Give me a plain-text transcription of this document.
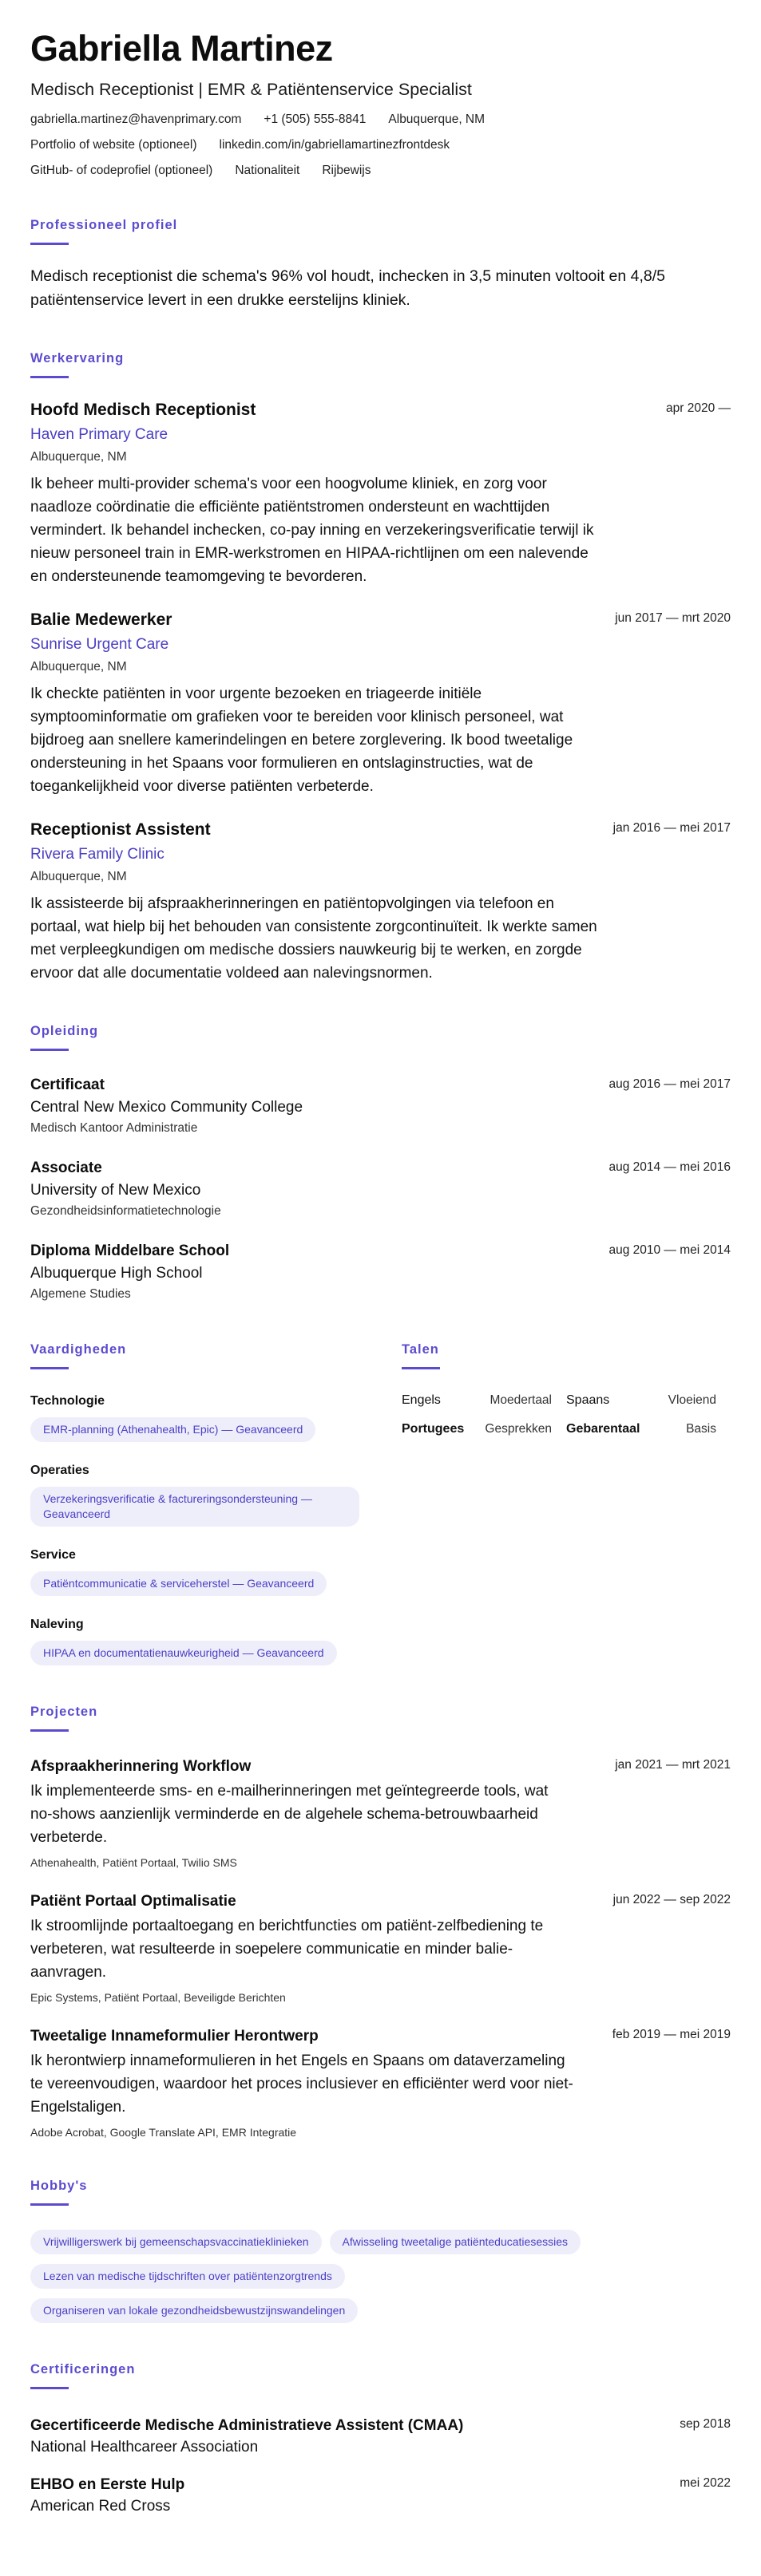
Gabriella Martinez
Medisch Receptionist | EMR & Patiëntenservice Specialist
gabriella.martinez@havenprimary.com +1 (505) 555-8841 Albuquerque, NM
Portfolio of website (optioneel) linkedin.com/in/gabriellamartinezfrontdesk
GitHub- of codeprofiel (optioneel) Nationaliteit Rijbewijs
Professioneel profiel

Medisch receptionist die schema's 96% vol houdt, inchecken in 3,5 minuten voltooit en 4,8/5 patiëntenservice levert in een drukke eerstelijns kliniek.

Werkervaring
Hoofd Medisch Receptionist	apr 2020 —
Haven Primary Care
Albuquerque, NM

Ik beheer multi-provider schema's voor een hoogvolume kliniek, en zorg voor naadloze coördinatie die efficiënte patiëntstromen ondersteunt en wachttijden vermindert. Ik behandel inchecken, co-pay inning en verzekeringsverificatie terwijl ik nieuw personeel train in EMR-werkstromen en HIPAA-richtlijnen om een nalevende en ondersteunende teamomgeving te bevorderen.

Balie Medewerker	jun 2017 — mrt 2020
Sunrise Urgent Care
Albuquerque, NM

Ik checkte patiënten in voor urgente bezoeken en triageerde initiële symptoominformatie om grafieken voor te bereiden voor klinisch personeel, wat bijdroeg aan snellere kamerindelingen en betere zorglevering. Ik bood tweetalige ondersteuning in het Spaans voor formulieren en ontslaginstructies, wat de toegankelijkheid voor diverse patiënten verbeterde.

Receptionist Assistent	jan 2016 — mei 2017
Rivera Family Clinic
Albuquerque, NM

Ik assisteerde bij afspraakherinneringen en patiëntopvolgingen via telefoon en portaal, wat hielp bij het behouden van consistente zorgcontinuïteit. Ik werkte samen met verpleegkundigen om medische dossiers nauwkeurig bij te werken, en zorgde ervoor dat alle documentatie voldeed aan nalevingsnormen.

Opleiding
Certificaat	aug 2016 — mei 2017
Central New Mexico Community College
Medisch Kantoor Administratie
Associate	aug 2014 — mei 2016
University of New Mexico
Gezondheidsinformatietechnologie
Diploma Middelbare School	aug 2010 — mei 2014
Albuquerque High School
Algemene Studies
Vaardigheden
Technologie
EMR-planning (Athenahealth, Epic) — Geavanceerd
Operaties
Verzekeringsverificatie & factureringsondersteuning — Geavanceerd
Service
Patiëntcommunicatie & serviceherstel — Geavanceerd
Naleving
HIPAA en documentatienauwkeurigheid — Geavanceerd
Talen
Engels	Moedertaal	Spaans	Vloeiend
Portugees	Gesprekken	Gebarentaal	Basis
Projecten
Afspraakherinnering Workflow	jan 2021 — mrt 2021

Ik implementeerde sms- en e-mailherinneringen met geïntegreerde tools, wat no-shows aanzienlijk verminderde en de algehele schema-betrouwbaarheid verbeterde.

Athenahealth, Patiënt Portaal, Twilio SMS
Patiënt Portaal Optimalisatie	jun 2022 — sep 2022

Ik stroomlijnde portaaltoegang en berichtfuncties om patiënt-zelfbediening te verbeteren, wat resulteerde in soepelere communicatie en minder balie-aanvragen.

Epic Systems, Patiënt Portaal, Beveiligde Berichten
Tweetalige Innameformulier Herontwerp	feb 2019 — mei 2019

Ik herontwierp innameformulieren in het Engels en Spaans om dataverzameling te vereenvoudigen, waardoor het proces inclusiever en efficiënter werd voor niet-Engelstaligen.

Adobe Acrobat, Google Translate API, EMR Integratie
Hobby's
Vrijwilligerswerk bij gemeenschapsvaccinatieklinieken	Afwisseling tweetalige patiënteducatiesessies
Lezen van medische tijdschriften over patiëntenzorgtrends
Organiseren van lokale gezondheidsbewustzijnswandelingen
Certificeringen
Gecertificeerde Medische Administratieve Assistent (CMAA)	sep 2018
National Healthcareer Association
EHBO en Eerste Hulp	mei 2022
American Red Cross
